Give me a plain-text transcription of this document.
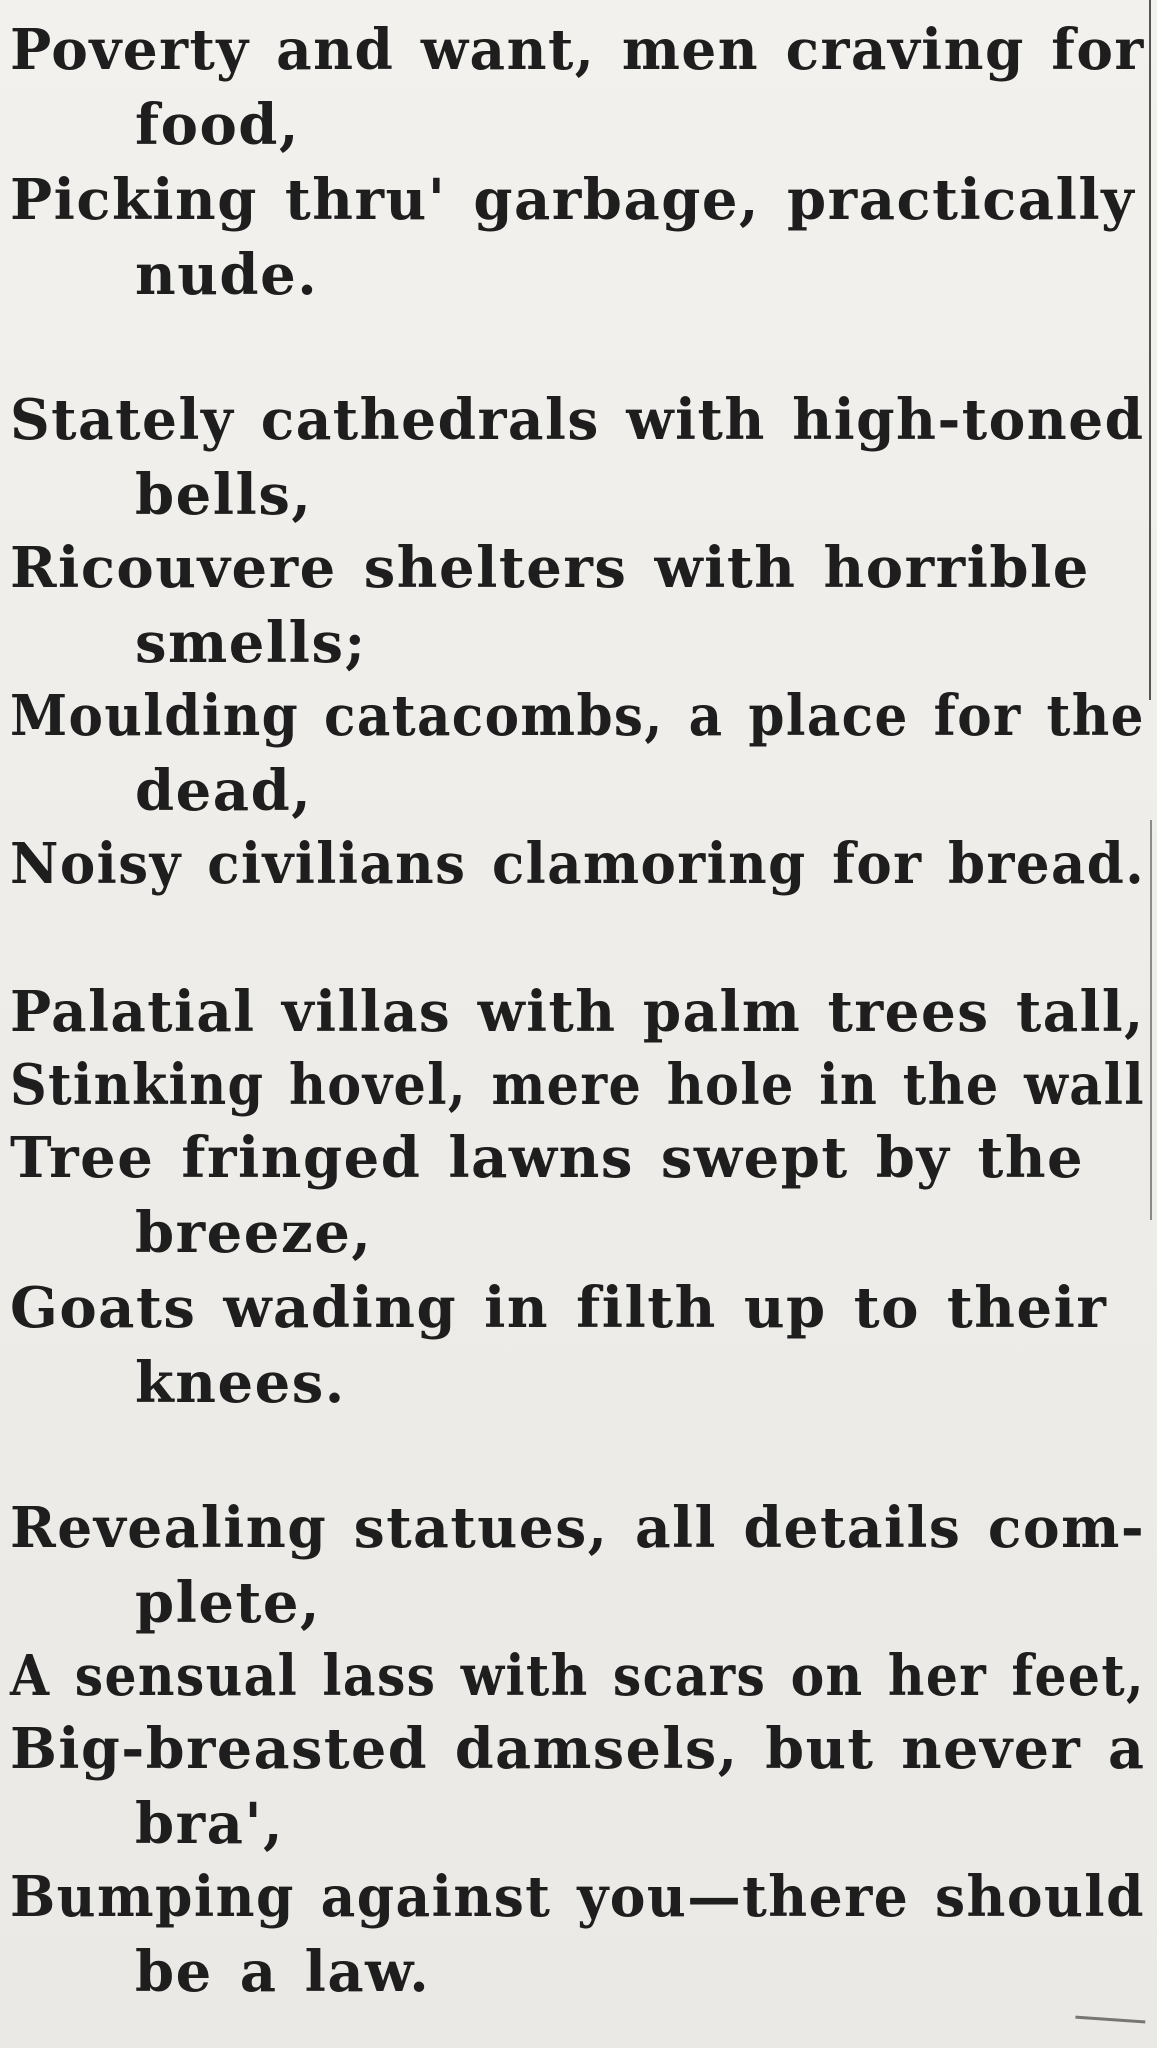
Poverty and want, men craving for
food,
Picking thru' garbage, practically
nude.
Stately cathedrals with high-toned
bells,
Ricouvere shelters with horrible
smells;
Moulding catacombs, a place for the
dead,
Noisy civilians clamoring for bread.
Palatial villas with palm trees tall,
Stinking hovel, mere hole in the wall
Tree fringed lawns swept by the
breeze,
Goats wading in filth up to their
knees.
Revealing statues, all details com-
plete,
A sensual lass with scars on her feet,
Big-breasted damsels, but never a
bra',
Bumping against you—there should
be a law.
